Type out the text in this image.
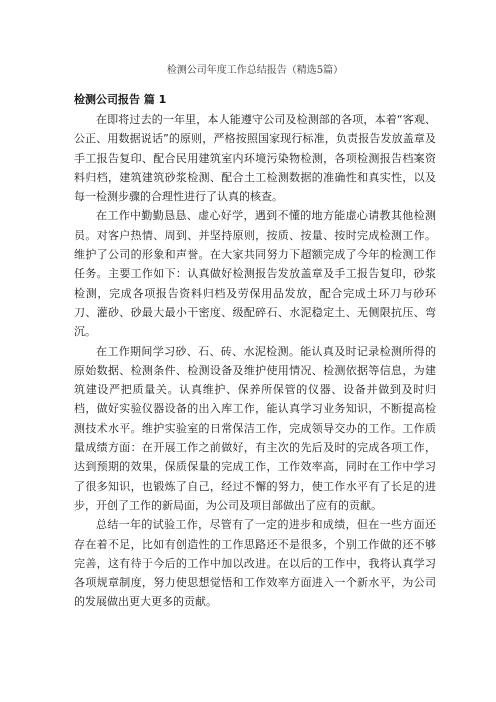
检测公司年度工作总结报告（精选5篇）
检测公司报告 篇 1

在即将过去的一年里，本人能遵守公司及检测部的各项，本着“客观、公正、用数据说话”的原则，严格按照国家现行标准，负责报告发放盖章及手工报告复印、配合民用建筑室内环境污染物检测，各项检测报告档案资料归档，建筑建筑砂浆检测、配合土工检测数据的准确性和真实性，以及每一检测步骤的合理性进行了认真的核查。

在工作中勤勤恳恳、虚心好学，遇到不懂的地方能虚心请教其他检测员。对客户热情、周到、并坚持原则，按质、按量、按时完成检测工作。维护了公司的形象和声誉。在大家共同努力下超额完成了今年的检测工作任务。主要工作如下：认真做好检测报告发放盖章及手工报告复印，砂浆检测，完成各项报告资料归档及劳保用品发放，配合完成土环刀与砂环刀、灌砂、砂最大最小干密度、级配碎石、水泥稳定土、无侧限抗压、弯沉。

在工作期间学习砂、石、砖、水泥检测。能认真及时记录检测所得的原始数据、检测条件、检测设备及维护使用情况、检测依据等信息，为建筑建设严把质量关。认真维护、保养所保管的仪器、设备并做到及时归档，做好实验仪器设备的出入库工作，能认真学习业务知识，不断提高检测技术水平。维护实验室的日常保洁工作，完成领导交办的工作。工作质量成绩方面：在开展工作之前做好，有主次的先后及时的完成各项工作，达到预期的效果，保质保量的完成工作，工作效率高，同时在工作中学习了很多知识，也锻炼了自己，经过不懈的努力，使工作水平有了长足的进步，开创了工作的新局面，为公司及项目部做出了应有的贡献。

总结一年的试验工作，尽管有了一定的进步和成绩，但在一些方面还存在着不足，比如有创造性的工作思路还不是很多，个别工作做的还不够完善，这有待于今后的工作中加以改进。在以后的工作中，我将认真学习各项规章制度，努力使思想觉悟和工作效率方面进入一个新水平，为公司的发展做出更大更多的贡献。
